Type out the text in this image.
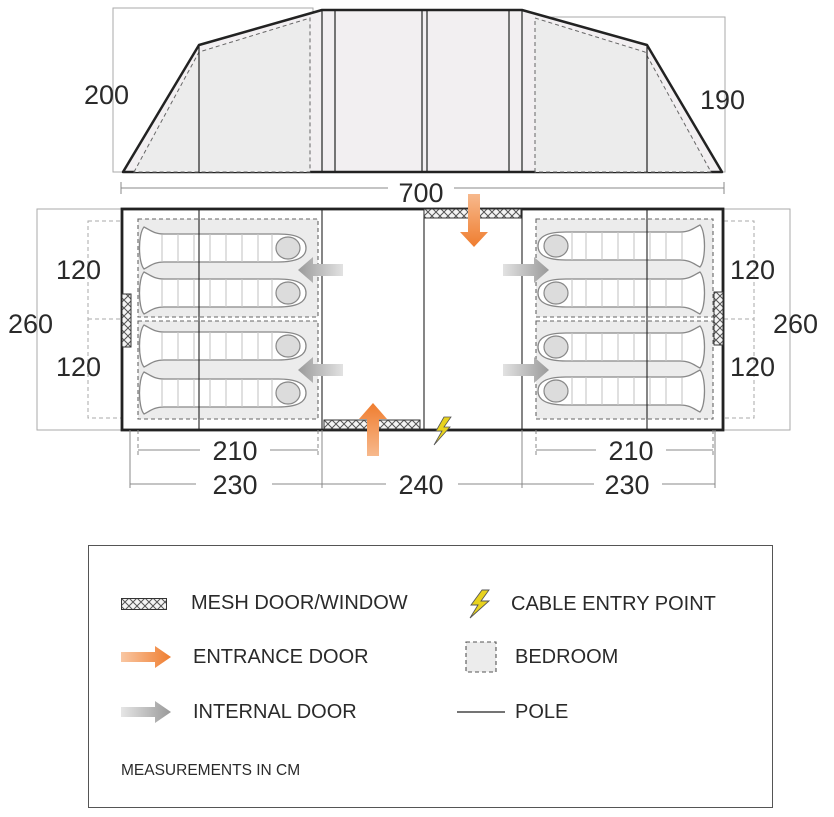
200	190
700
260	260
120
120
120
120
210	210
230	240	230
MESH DOOR/WINDOW
ENTRANCE DOOR
INTERNAL DOOR
CABLE ENTRY POINT
BEDROOM
POLE
MEASUREMENTS IN CM
